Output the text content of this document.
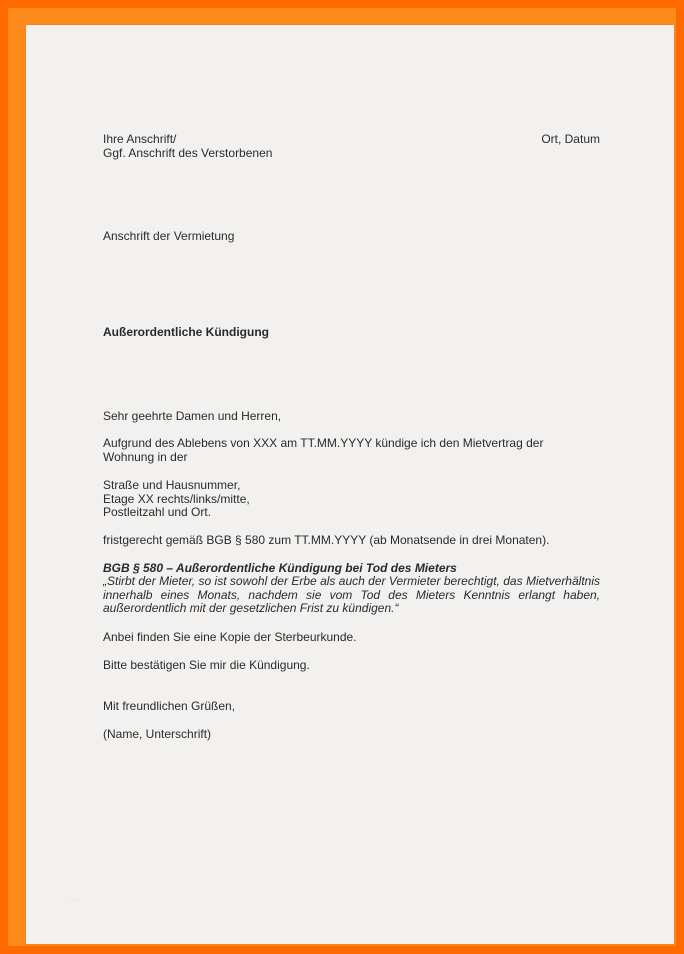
Ihre Anschrift/	Ort, Datum
Ggf. Anschrift des Verstorbenen
Anschrift der Vermietung
Außerordentliche Kündigung
Sehr geehrte Damen und Herren,
Aufgrund des Ablebens von XXX am TT.MM.YYYY kündige ich den Mietvertrag der
Wohnung in der
Straße und Hausnummer,
Etage XX rechts/links/mitte,
Postleitzahl und Ort.
fristgerecht gemäß BGB § 580 zum TT.MM.YYYY (ab Monatsende in drei Monaten).
BGB § 580 – Außerordentliche Kündigung bei Tod des Mieters
„Stirbt der Mieter, so ist sowohl der Erbe als auch der Vermieter berechtigt, das Mietverhältnis innerhalb eines Monats, nachdem sie vom Tod des Mieters Kenntnis erlangt haben, außerordentlich mit der gesetzlichen Frist zu kündigen.“
Anbei finden Sie eine Kopie der Sterbeurkunde.
Bitte bestätigen Sie mir die Kündigung.
Mit freundlichen Grüßen,
(Name, Unterschrift)
·····
